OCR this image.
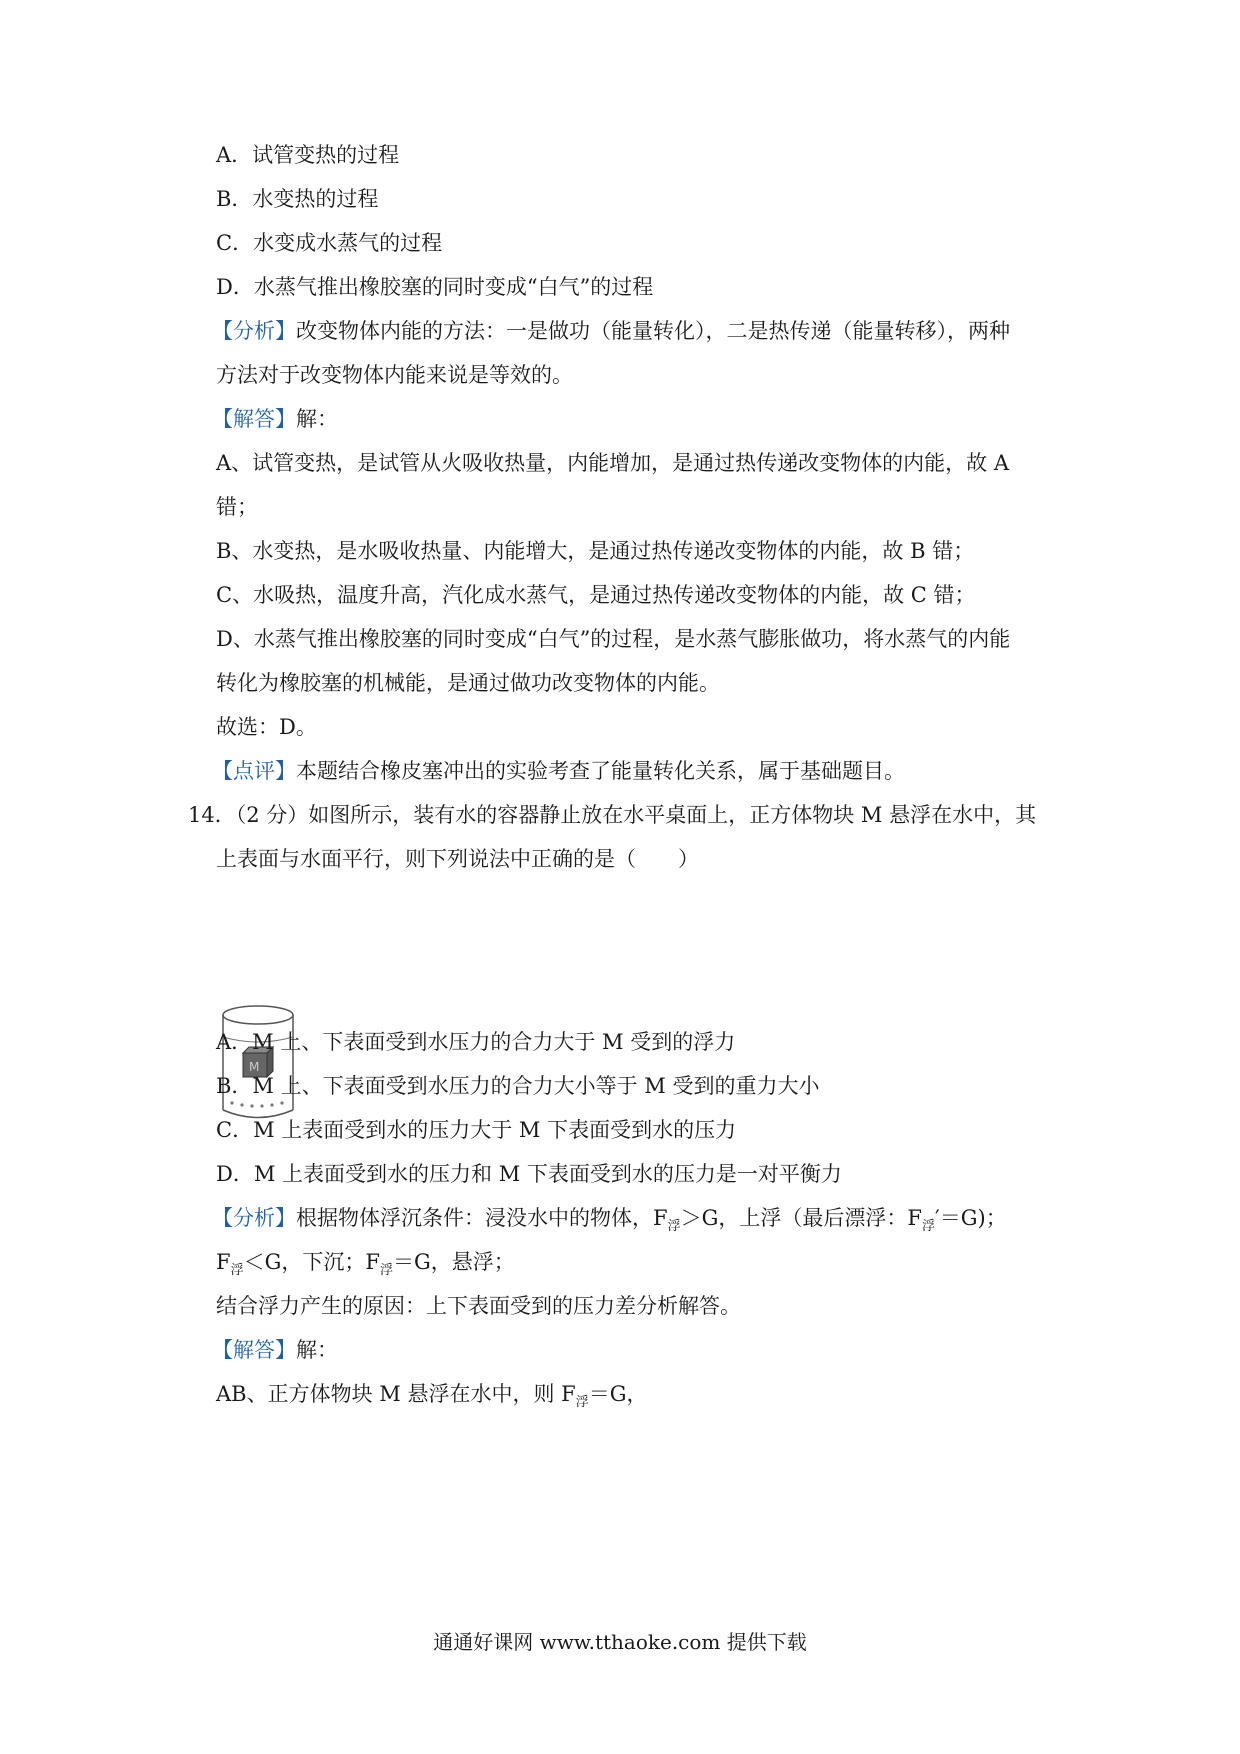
A．试管变热的过程
B．水变热的过程
C．水变成水蒸气的过程
D．水蒸气推出橡胶塞的同时变成“白气”的过程
【分析】改变物体内能的方法：一是做功（能量转化），二是热传递（能量转移），两种
方法对于改变物体内能来说是等效的。
【解答】解：
A、试管变热，是试管从火吸收热量，内能增加，是通过热传递改变物体的内能，故 A
错；
B、水变热，是水吸收热量、内能增大，是通过热传递改变物体的内能，故 B 错；
C、水吸热，温度升高，汽化成水蒸气，是通过热传递改变物体的内能，故 C 错；
D、水蒸气推出橡胶塞的同时变成“白气”的过程，是水蒸气膨胀做功，将水蒸气的内能
转化为橡胶塞的机械能，是通过做功改变物体的内能。
故选：D。
【点评】本题结合橡皮塞冲出的实验考查了能量转化关系，属于基础题目。
14．（2 分）如图所示，装有水的容器静止放在水平桌面上，正方体物块 M 悬浮在水中，其
上表面与水面平行，则下列说法中正确的是（　　）
M
A．M 上、下表面受到水压力的合力大于 M 受到的浮力
B．M 上、下表面受到水压力的合力大小等于 M 受到的重力大小
C．M 上表面受到水的压力大于 M 下表面受到水的压力
D．M 上表面受到水的压力和 M 下表面受到水的压力是一对平衡力
【分析】根据物体浮沉条件：浸没水中的物体，$F_浮>G$，上浮（最后漂浮：$F_浮'=G$)；
$F_浮<G$，下沉；$F_浮=G$，悬浮；
结合浮力产生的原因：上下表面受到的压力差分析解答。
【解答】解：
AB、正方体物块 M 悬浮在水中，则 $F_浮=G$，
通通好课网 www.tthaoke.com 提供下载
